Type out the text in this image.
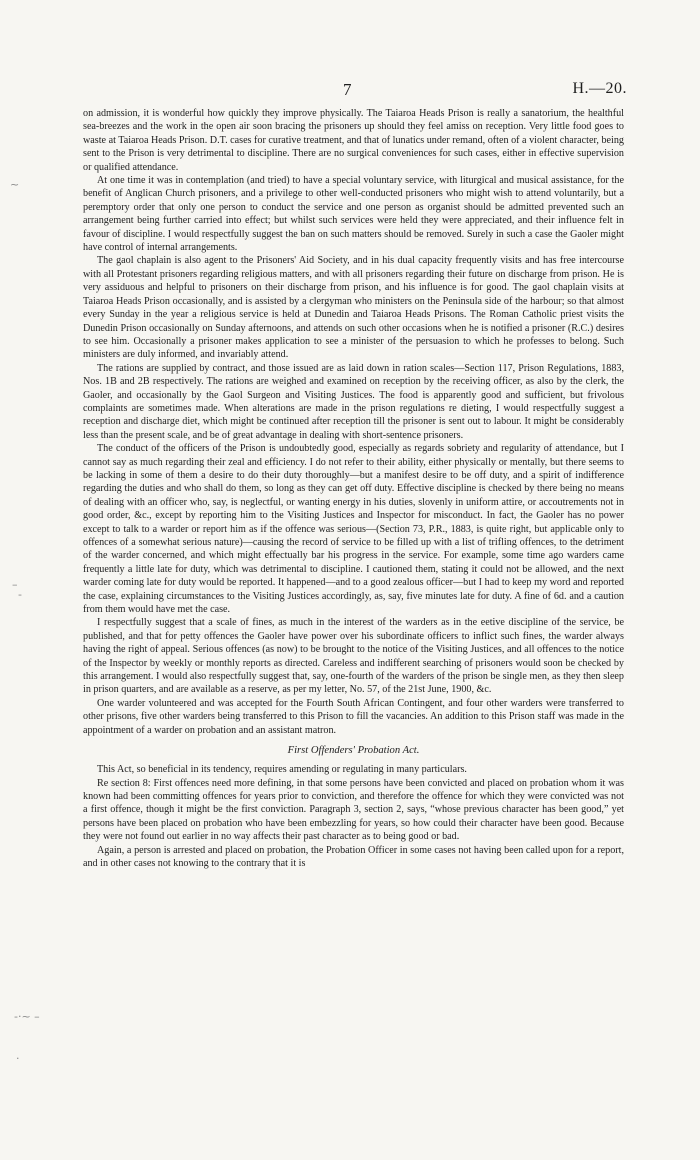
7	H.—20.
~
–
-
-·~ –
·

on admission, it is wonderful how quickly they improve physically. The Taiaroa Heads Prison is really a sanatorium, the healthful sea-breezes and the work in the open air soon bracing the prisoners up should they feel amiss on reception. Very little food goes to waste at Taiaroa Heads Prison. D.T. cases for curative treatment, and that of lunatics under remand, often of a violent character, being sent to the Prison is very detrimental to discipline. There are no surgical conveniences for such cases, either in effective supervision or qualified attendance.

At one time it was in contemplation (and tried) to have a special voluntary service, with liturgical and musical assistance, for the benefit of Anglican Church prisoners, and a privilege to other well-conducted prisoners who might wish to attend voluntarily, but a peremptory order that only one person to conduct the service and one person as organist should be admitted prevented such an arrangement being further carried into effect; but whilst such services were held they were appreciated, and their influence felt in favour of discipline. I would respectfully suggest the ban on such matters should be removed. Surely in such a case the Gaoler might have control of internal arrangements.

The gaol chaplain is also agent to the Prisoners' Aid Society, and in his dual capacity frequently visits and has free intercourse with all Protestant prisoners regarding religious matters, and with all prisoners regarding their future on discharge from prison. He is very assiduous and helpful to prisoners on their discharge from prison, and his influence is for good. The gaol chaplain visits at Taiaroa Heads Prison occasionally, and is assisted by a clergyman who ministers on the Peninsula side of the harbour; so that almost every Sunday in the year a religious service is held at Dunedin and Taiaroa Heads Prisons. The Roman Catholic priest visits the Dunedin Prison occasionally on Sunday afternoons, and attends on such other occasions when he is notified a prisoner (R.C.) desires to see him. Occasionally a prisoner makes application to see a minister of the persuasion to which he professes to belong. Such ministers are duly informed, and invariably attend.

The rations are supplied by contract, and those issued are as laid down in ration scales—Section 117, Prison Regulations, 1883, Nos. 1B and 2B respectively. The rations are weighed and examined on reception by the receiving officer, as also by the clerk, the Gaoler, and occasionally by the Gaol Surgeon and Visiting Justices. The food is apparently good and sufficient, but frivolous complaints are sometimes made. When alterations are made in the prison regulations re dieting, I would respectfully suggest a reception and discharge diet, which might be continued after reception till the prisoner is sent out to labour. It might be considerably less than the present scale, and be of great advantage in dealing with short-sentence prisoners.

The conduct of the officers of the Prison is undoubtedly good, especially as regards sobriety and regularity of attendance, but I cannot say as much regarding their zeal and efficiency. I do not refer to their ability, either physically or mentally, but there seems to be lacking in some of them a desire to do their duty thoroughly—but a manifest desire to be off duty, and a spirit of indifference regarding the duties and who shall do them, so long as they can get off duty. Effective discipline is checked by there being no means of dealing with an officer who, say, is neglectful, or wanting energy in his duties, slovenly in uniform attire, or accoutrements not in good order, &c., except by reporting him to the Visiting Justices and Inspector for misconduct. In fact, the Gaoler has no power except to talk to a warder or report him as if the offence was serious—(Section 73, P.R., 1883, is quite right, but applicable only to offences of a somewhat serious nature)—causing the record of service to be filled up with a list of trifling offences, to the detriment of the warder concerned, and which might effectually bar his progress in the service. For example, some time ago warders came frequently a little late for duty, which was detrimental to discipline. I cautioned them, stating it could not be allowed, and the next warder coming late for duty would be reported. It happened—and to a good zealous officer—but I had to keep my word and reported the case, explaining circumstances to the Visiting Justices accordingly, as, say, five minutes late for duty. A fine of 6d. and a caution from them would have met the case.

I respectfully suggest that a scale of fines, as much in the interest of the warders as in the eetive discipline of the service, be published, and that for petty offences the Gaoler have power over his subordinate officers to inflict such fines, the warder always having the right of appeal. Serious offences (as now) to be brought to the notice of the Visiting Justices, and all offences to the notice of the Inspector by weekly or monthly reports as directed. Careless and indifferent searching of prisoners would soon be checked by this arrangement. I would also respectfully suggest that, say, one-fourth of the warders of the prison be single men, as they then sleep in prison quarters, and are available as a reserve, as per my letter, No. 57, of the 21st June, 1900, &c.

One warder volunteered and was accepted for the Fourth South African Contingent, and four other warders were transferred to other prisons, five other warders being transferred to this Prison to fill the vacancies. An addition to this Prison staff was made in the appointment of a warder on probation and an assistant matron.

First Offenders' Probation Act.

This Act, so beneficial in its tendency, requires amending or regulating in many particulars.

Re section 8: First offences need more defining, in that some persons have been convicted and placed on probation whom it was known had been committing offences for years prior to conviction, and therefore the offence for which they were convicted was not a first offence, though it might be the first conviction. Paragraph 3, section 2, says, “whose previous character has been good,” yet persons have been placed on probation who have been embezzling for years, so how could their character have been good. Because they were not found out earlier in no way affects their past character as to being good or bad.

Again, a person is arrested and placed on probation, the Probation Officer in some cases not having been called upon for a report, and in other cases not knowing to the contrary that it is
